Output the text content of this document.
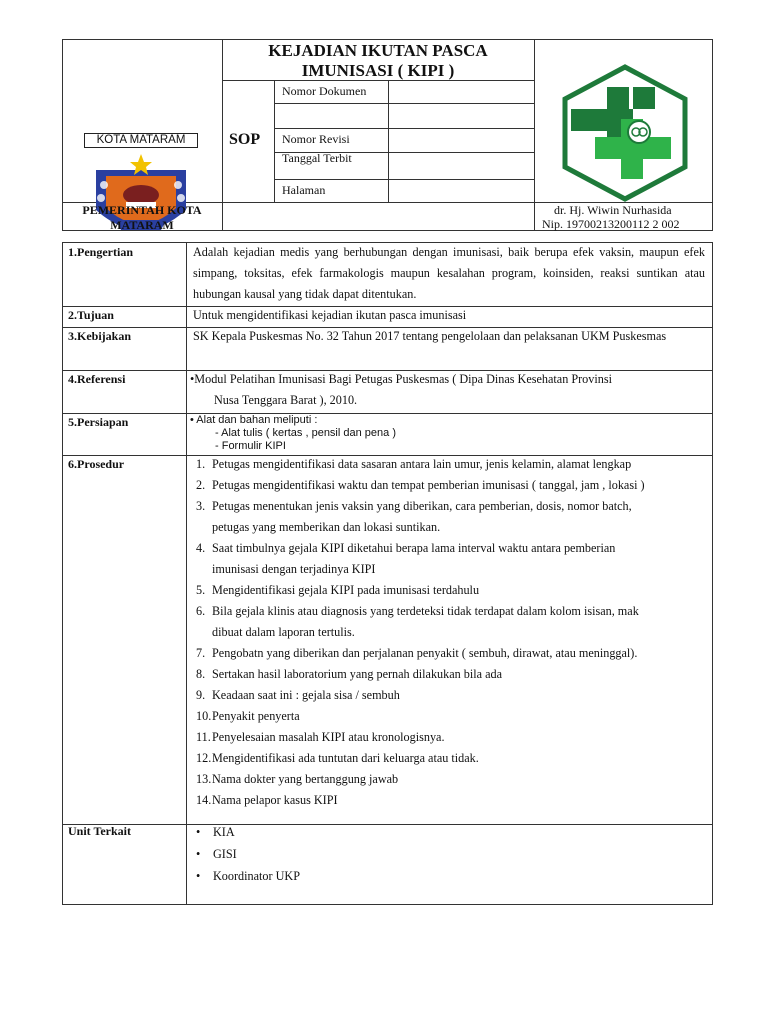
KEJADIAN IKUTAN PASCA
IMUNISASI ( KIPI )
SOP
Nomor Dokumen
Nomor Revisi
Tanggal Terbit
Halaman
KOTA MATARAM
PEMERINTAH KOTA
MATARAM
dr. Hj. Wiwin Nurhasida
Nip. 19700213200112 2 002
1.Pengertian	Adalah kejadian medis yang berhubungan dengan imunisasi, baik berupa efek vaksin, maupun efek simpang, toksitas, efek farmakologis maupun kesalahan program, koinsiden, reaksi suntikan atau hubungan kausal yang tidak dapat ditentukan.
2.Tujuan	Untuk mengidentifikasi kejadian ikutan pasca imunisasi
3.Kebijakan	SK Kepala Puskesmas No. 32 Tahun 2017 tentang pengelolaan dan pelaksanan UKM Puskesmas
4.Referensi	•Modul Pelatihan Imunisasi Bagi Petugas Puskesmas ( Dipa Dinas Kesehatan Provinsi
Nusa Tenggara Barat ), 2010.
5.Persiapan	• Alat dan bahan meliputi :
- Alat tulis ( kertas , pensil dan pena )
- Formulir KIPI
6.Prosedur	1. Petugas mengidentifikasi data sasaran antara lain umur, jenis kelamin, alamat lengkap
2. Petugas mengidentifikasi waktu dan tempat pemberian imunisasi ( tanggal, jam , lokasi )
3. Petugas menentukan jenis vaksin yang diberikan, cara pemberian, dosis, nomor batch,
petugas yang memberikan dan lokasi suntikan.
4. Saat timbulnya gejala KIPI diketahui berapa lama interval waktu antara pemberian
imunisasi dengan terjadinya KIPI
5. Mengidentifikasi gejala KIPI pada imunisasi terdahulu
6. Bila gejala klinis atau diagnosis yang terdeteksi tidak terdapat dalam kolom isisan, mak
dibuat dalam laporan tertulis.
7. Pengobatn yang diberikan dan perjalanan penyakit ( sembuh, dirawat, atau meninggal).
8. Sertakan hasil laboratorium yang pernah dilakukan bila ada
9. Keadaan saat ini : gejala sisa / sembuh
10.Penyakit penyerta
11.Penyelesaian masalah KIPI atau kronologisnya.
12.Mengidentifikasi ada tuntutan dari keluarga atau tidak.
13.Nama dokter yang bertanggung jawab
14.Nama pelapor kasus KIPI
Unit Terkait	• KIA
• GISI
• Koordinator UKP
